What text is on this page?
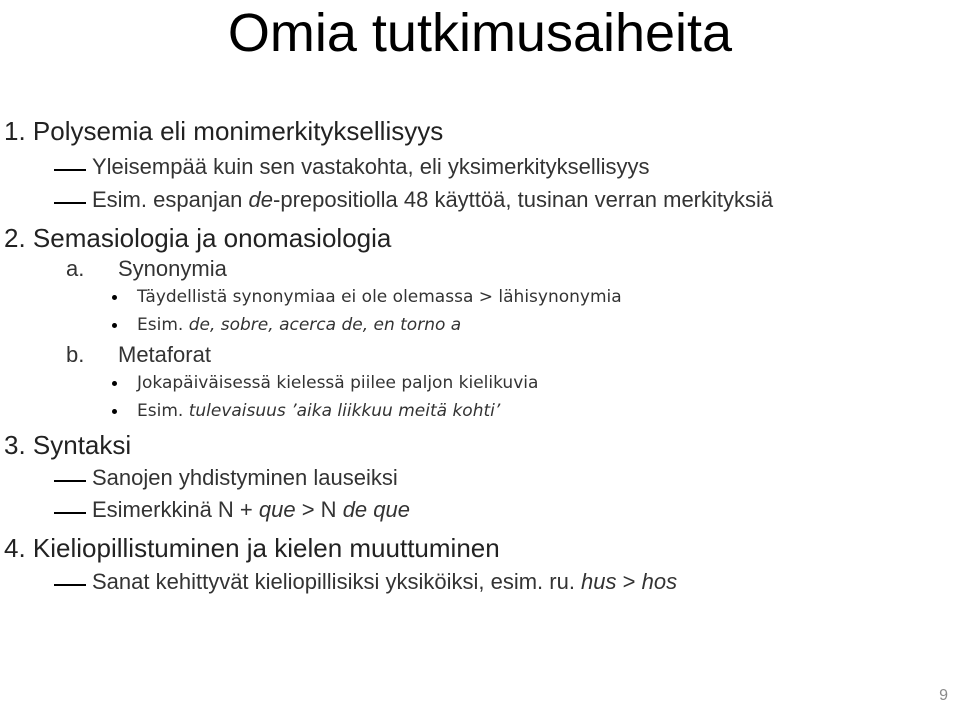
Omia tutkimusaiheita
1. Polysemia eli monimerkityksellisyys
Yleisempää kuin sen vastakohta, eli yksimerkityksellisyys
Esim. espanjan de-prepositiolla 48 käyttöä, tusinan verran merkityksiä
2. Semasiologia ja onomasiologia
a. Synonymia
Täydellistä synonymiaa ei ole olemassa > lähisynonymia
Esim. de, sobre, acerca de, en torno a
b. Metaforat
Jokapäiväisessä kielessä piilee paljon kielikuvia
Esim. tulevaisuus ’aika liikkuu meitä kohti’
3. Syntaksi
Sanojen yhdistyminen lauseiksi
Esimerkkinä N + que > N de que
4. Kieliopillistuminen ja kielen muuttuminen
Sanat kehittyvät kieliopillisiksi yksiköiksi, esim. ru. hus > hos
9
